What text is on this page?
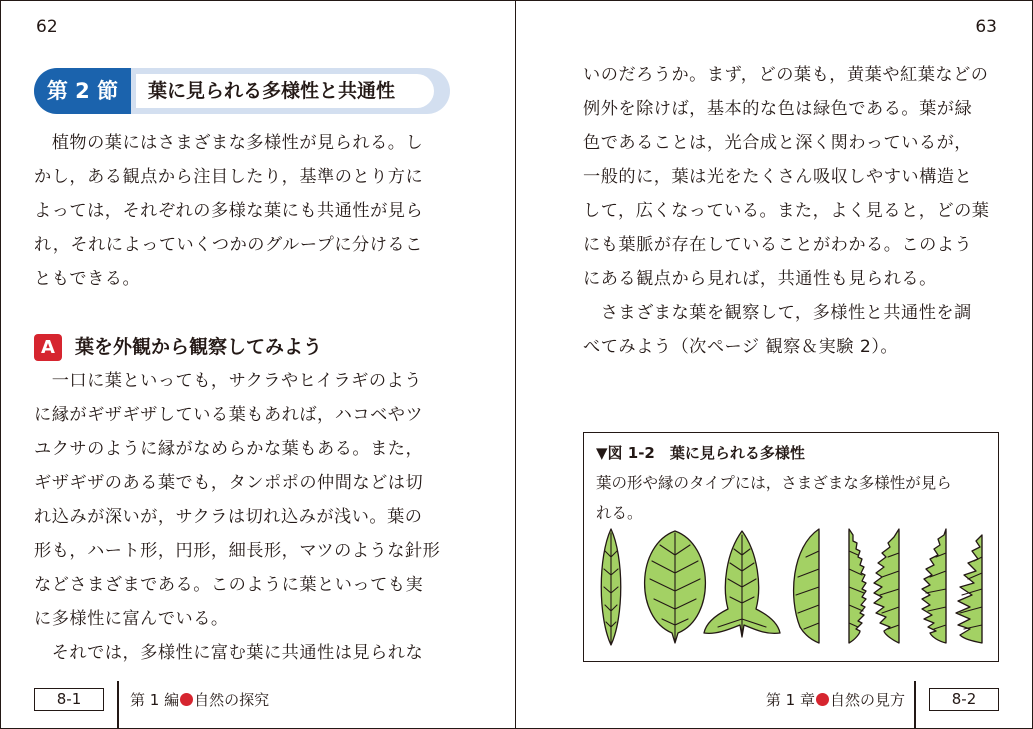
62
第 2 節	葉に見られる多様性と共通性

　植物の葉にはさまざまな多様性が見られる。し

かし，ある観点から注目したり，基準のとり方に

よっては，それぞれの多様な葉にも共通性が見ら

れ，それによっていくつかのグループに分けるこ

ともできる。

A	葉を外観から観察してみよう

　一口に葉といっても，サクラやヒイラギのよう

に縁がギザギザしている葉もあれば，ハコベやツ

ユクサのように縁がなめらかな葉もある。また，

ギザギザのある葉でも，タンポポの仲間などは切

れ込みが深いが，サクラは切れ込みが浅い。葉の

形も，ハート形，円形，細長形，マツのような針形

などさまざまである。このように葉といっても実

に多様性に富んでいる。

　それでは，多様性に富む葉に共通性は見られな

63

いのだろうか。まず，どの葉も，黄葉や紅葉などの

例外を除けば，基本的な色は緑色である。葉が緑

色であることは，光合成と深く関わっているが，

一般的に，葉は光をたくさん吸収しやすい構造と

して，広くなっている。また，よく見ると，どの葉

にも葉脈が存在していることがわかる。このよう

にある観点から見れば，共通性も見られる。

　さまざまな葉を観察して，多様性と共通性を調

べてみよう（次ページ 観察＆実験 2）。

▼図 1-2　葉に見られる多様性

葉の形や縁のタイプには，さまざまな多様性が見ら

れる。

8-1	第 1 編 自然の探究	第 1 章 自然の見方	8-2
